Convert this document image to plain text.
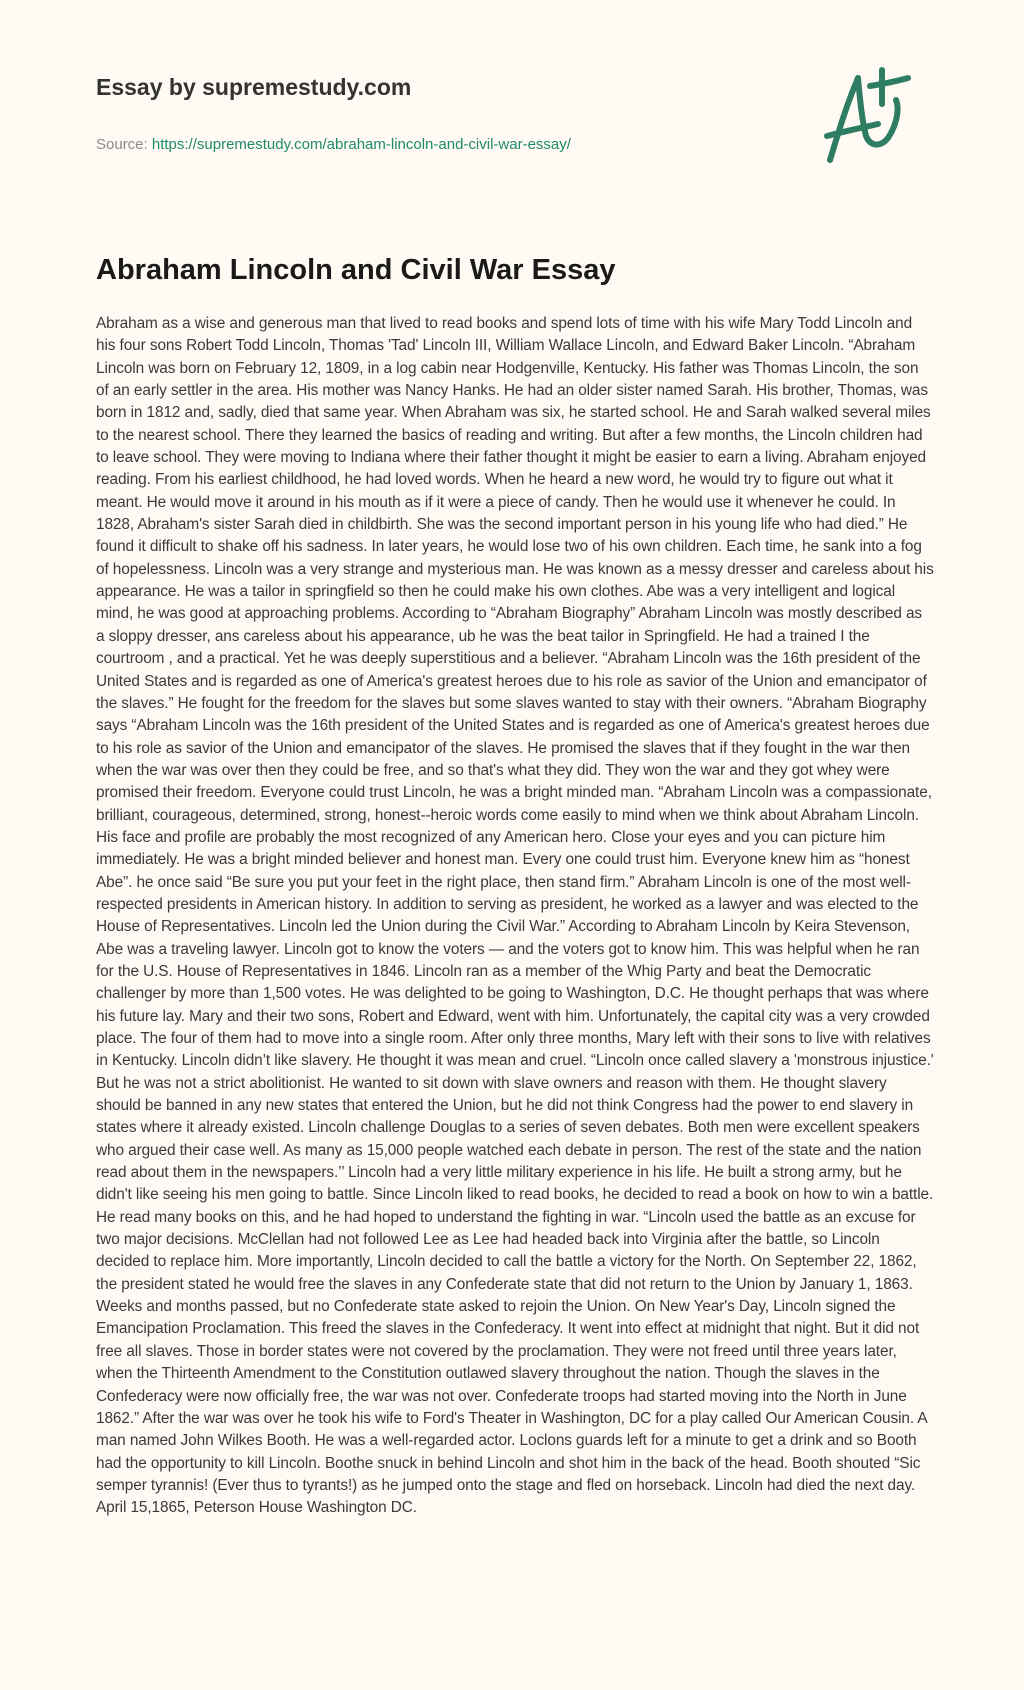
Essay by supremestudy.com
Source: https://supremestudy.com/abraham-lincoln-and-civil-war-essay/
Abraham Lincoln and Civil War Essay

Abraham as a wise and generous man that lived to read books and spend lots of time with his wife Mary Todd Lincoln and his four sons Robert Todd Lincoln, Thomas 'Tad' Lincoln III, William Wallace Lincoln, and Edward Baker Lincoln. “Abraham Lincoln was born on February 12, 1809, in a log cabin near Hodgenville, Kentucky. His father was Thomas Lincoln, the son of an early settler in the area. His mother was Nancy Hanks. He had an older sister named Sarah. His brother, Thomas, was born in 1812 and, sadly, died that same year. When Abraham was six, he started school. He and Sarah walked several miles to the nearest school. There they learned the basics of reading and writing. But after a few months, the Lincoln children had to leave school. They were moving to Indiana where their father thought it might be easier to earn a living. Abraham enjoyed reading. From his earliest childhood, he had loved words. When he heard a new word, he would try to figure out what it meant. He would move it around in his mouth as if it were a piece of candy. Then he would use it whenever he could. In 1828, Abraham's sister Sarah died in childbirth. She was the second important person in his young life who had died.” He found it difficult to shake off his sadness. In later years, he would lose two of his own children. Each time, he sank into a fog of hopelessness. Lincoln was a very strange and mysterious man. He was known as a messy dresser and careless about his appearance. He was a tailor in springfield so then he could make his own clothes. Abe was a very intelligent and logical mind, he was good at approaching problems. According to “Abraham Biography” Abraham Lincoln was mostly described as a sloppy dresser, ans careless about his appearance, ub he was the beat tailor in Springfield. He had a trained I the courtroom , and a practical. Yet he was deeply superstitious and a believer. “Abraham Lincoln was the 16th president of the United States and is regarded as one of America's greatest heroes due to his role as savior of the Union and emancipator of the slaves.” He fought for the freedom for the slaves but some slaves wanted to stay with their owners. “Abraham Biography says “Abraham Lincoln was the 16th president of the United States and is regarded as one of America's greatest heroes due to his role as savior of the Union and emancipator of the slaves. He promised the slaves that if they fought in the war then when the war was over then they could be free, and so that's what they did. They won the war and they got whey were promised their freedom. Everyone could trust Lincoln, he was a bright minded man. “Abraham Lincoln was a compassionate, brilliant, courageous, determined, strong, honest--heroic words come easily to mind when we think about Abraham Lincoln. His face and profile are probably the most recognized of any American hero. Close your eyes and you can picture him immediately. He was a bright minded believer and honest man. Every one could trust him. Everyone knew him as “honest Abe”. he once said “Be sure you put your feet in the right place, then stand firm.” Abraham Lincoln is one of the most well-respected presidents in American history. In addition to serving as president, he worked as a lawyer and was elected to the House of Representatives. Lincoln led the Union during the Civil War.” According to Abraham Lincoln by Keira Stevenson, Abe was a traveling lawyer. Lincoln got to know the voters — and the voters got to know him. This was helpful when he ran for the U.S. House of Representatives in 1846. Lincoln ran as a member of the Whig Party and beat the Democratic challenger by more than 1,500 votes. He was delighted to be going to Washington, D.C. He thought perhaps that was where his future lay. Mary and their two sons, Robert and Edward, went with him. Unfortunately, the capital city was a very crowded place. The four of them had to move into a single room. After only three months, Mary left with their sons to live with relatives in Kentucky. Lincoln didn’t like slavery. He thought it was mean and cruel. “Lincoln once called slavery a 'monstrous injustice.' But he was not a strict abolitionist. He wanted to sit down with slave owners and reason with them. He thought slavery should be banned in any new states that entered the Union, but he did not think Congress had the power to end slavery in states where it already existed. Lincoln challenge Douglas to a series of seven debates. Both men were excellent speakers who argued their case well. As many as 15,000 people watched each debate in person. The rest of the state and the nation read about them in the newspapers.’’ Lincoln had a very little military experience in his life. He built a strong army, but he didn't like seeing his men going to battle. Since Lincoln liked to read books, he decided to read a book on how to win a battle. He read many books on this, and he had hoped to understand the fighting in war. “Lincoln used the battle as an excuse for two major decisions. McClellan had not followed Lee as Lee had headed back into Virginia after the battle, so Lincoln decided to replace him. More importantly, Lincoln decided to call the battle a victory for the North. On September 22, 1862, the president stated he would free the slaves in any Confederate state that did not return to the Union by January 1, 1863. Weeks and months passed, but no Confederate state asked to rejoin the Union. On New Year's Day, Lincoln signed the Emancipation Proclamation. This freed the slaves in the Confederacy. It went into effect at midnight that night. But it did not free all slaves. Those in border states were not covered by the proclamation. They were not freed until three years later, when the Thirteenth Amendment to the Constitution outlawed slavery throughout the nation. Though the slaves in the Confederacy were now officially free, the war was not over. Confederate troops had started moving into the North in June 1862.” After the war was over he took his wife to Ford's Theater in Washington, DC for a play called Our American Cousin. A man named John Wilkes Booth. He was a well-regarded actor. Loclons guards left for a minute to get a drink and so Booth had the opportunity to kill Lincoln. Boothe snuck in behind Lincoln and shot him in the back of the head. Booth shouted “Sic semper tyrannis! (Ever thus to tyrants!) as he jumped onto the stage and fled on horseback. Lincoln had died the next day. April 15,1865, Peterson House Washington DC.
